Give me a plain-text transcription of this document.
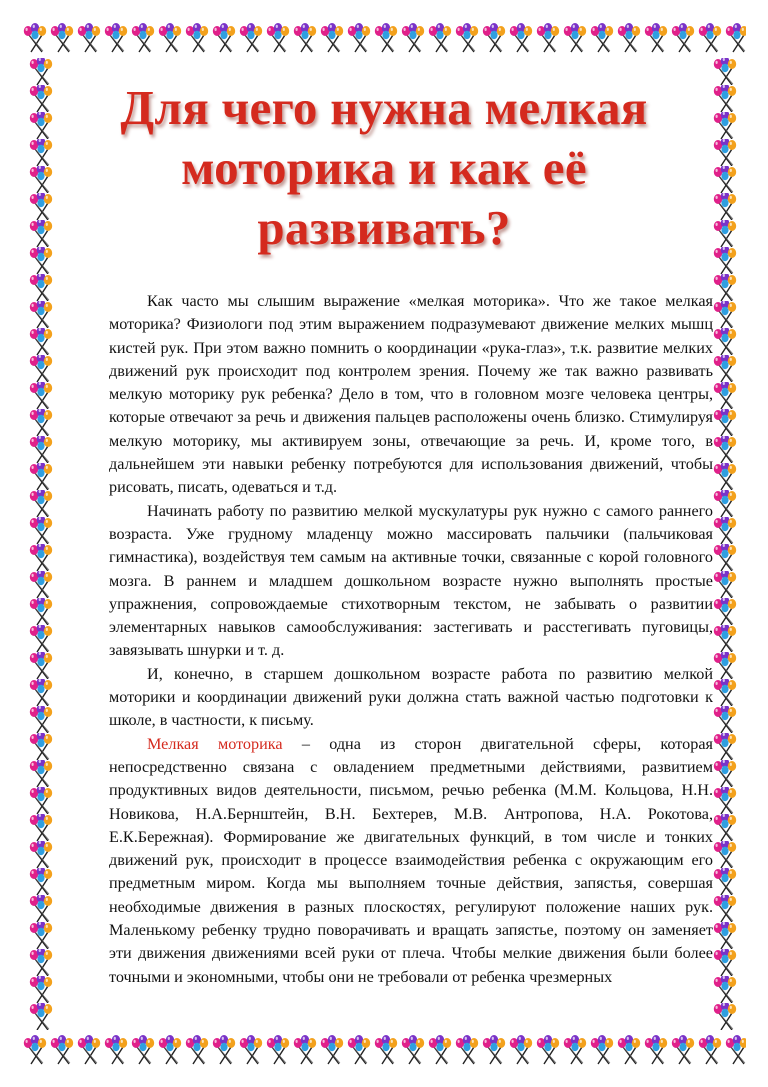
Для чего нужна мелкая моторика и как её развивать?

Как часто мы слышим выражение «мелкая моторика». Что же такое мелкая моторика? Физиологи под этим выражением подразумевают движение мелких мышц кистей рук. При этом важно помнить о координации «рука-глаз», т.к. развитие мелких движений рук происходит под контролем зрения. Почему же так важно развивать мелкую моторику рук ребенка? Дело в том, что в головном мозге человека центры, которые отвечают за речь и движения пальцев расположены очень близко. Стимулируя мелкую моторику, мы активируем зоны, отвечающие за речь. И, кроме того, в дальнейшем эти навыки ребенку потребуются для использования движений, чтобы рисовать, писать, одеваться и т.д.

Начинать работу по развитию мелкой мускулатуры рук нужно с самого раннего возраста. Уже грудному младенцу можно массировать пальчики (пальчиковая гимнастика), воздействуя тем самым на активные точки, связанные с корой головного мозга. В раннем и младшем дошкольном возрасте нужно выполнять простые упражнения, сопровождаемые стихотворным текстом, не забывать о развитии элементарных навыков самообслуживания: застегивать и расстегивать пуговицы, завязывать шнурки и т. д.

И, конечно, в старшем дошкольном возрасте работа по развитию мелкой моторики и координации движений руки должна стать важной частью подготовки к школе, в частности, к письму.

Мелкая моторика – одна из сторон двигательной сферы, которая непосредственно связана с овладением предметными действиями, развитием продуктивных видов деятельности, письмом, речью ребенка (М.М. Кольцова, Н.Н. Новикова, Н.А.Бернштейн, В.Н. Бехтерев, М.В. Антропова, Н.А. Рокотова, Е.К.Бережная). Формирование же двигательных функций, в том числе и тонких движений рук, происходит в процессе взаимодействия ребенка с окружающим его предметным миром. Когда мы выполняем точные действия, запястья, совершая необходимые движения в разных плоскостях, регулируют положение наших рук. Маленькому ребенку трудно поворачивать и вращать запястье, поэтому он заменяет эти движения движениями всей руки от плеча. Чтобы мелкие движения были более точными и экономными, чтобы они не требовали от ребенка чрезмерных
